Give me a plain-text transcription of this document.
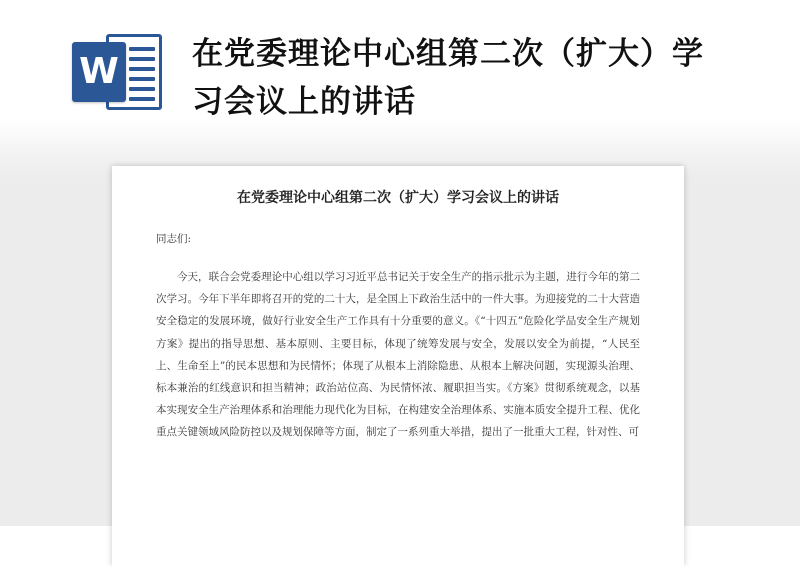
W 在党委理论中心组第二次（扩大）学习会议上的讲话
在党委理论中心组第二次（扩大）学习会议上的讲话

同志们:

今天，联合会党委理论中心组以学习习近平总书记关于安全生产的指示批示为主题，进行今年的第二次学习。今年下半年即将召开的党的二十大，是全国上下政治生活中的一件大事。为迎接党的二十大营造安全稳定的发展环境，做好行业安全生产工作具有十分重要的意义。《“十四五”危险化学品安全生产规划方案》提出的指导思想、基本原则、主要目标，体现了统筹发展与安全，发展以安全为前提，“人民至上、生命至上”的民本思想和为民情怀；体现了从根本上消除隐患、从根本上解决问题，实现源头治理、标本兼治的红线意识和担当精神；政治站位高、为民情怀浓、履职担当实。《方案》贯彻系统观念，以基本实现安全生产治理体系和治理能力现代化为目标，在构建安全治理体系、实施本质安全提升工程、优化重点关键领域风险防控以及规划保障等方面，制定了一系列重大举措，提出了一批重大工程，针对性、可
